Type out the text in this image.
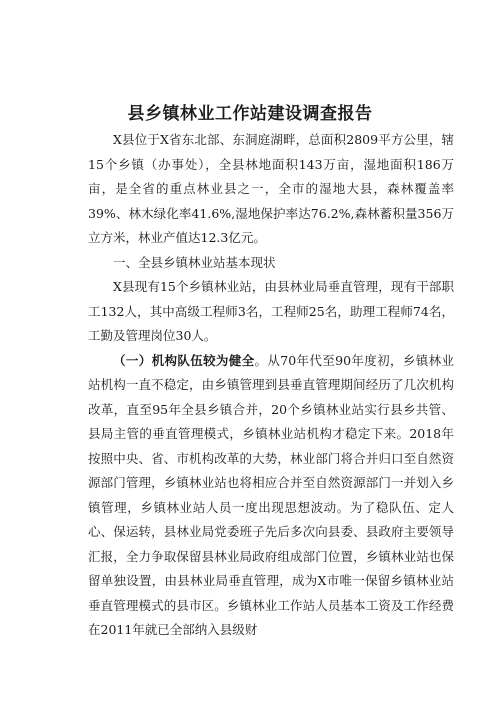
县乡镇林业工作站建设调查报告

X县位于X省东北部、东洞庭湖畔，总面积2809平方公里，辖15个乡镇（办事处），全县林地面积143万亩，湿地面积186万亩，是全省的重点林业县之一，全市的湿地大县，森林覆盖率39%、林木绿化率41.6%,湿地保护率达76.2%,森林蓄积量356万立方米，林业产值达12.3亿元。

一、全县乡镇林业站基本现状

X县现有15个乡镇林业站，由县林业局垂直管理，现有干部职工132人，其中高级工程师3名，工程师25名，助理工程师74名，工勤及管理岗位30人。

（一）机构队伍较为健全。从70年代至90年度初，乡镇林业站机构一直不稳定，由乡镇管理到县垂直管理期间经历了几次机构改革，直至95年全县乡镇合并，20个乡镇林业站实行县乡共管、县局主管的垂直管理模式，乡镇林业站机构才稳定下来。2018年按照中央、省、市机构改革的大势，林业部门将合并归口至自然资源部门管理，乡镇林业站也将相应合并至自然资源部门一并划入乡镇管理，乡镇林业站人员一度出现思想波动。为了稳队伍、定人心、保运转，县林业局党委班子先后多次向县委、县政府主要领导汇报，全力争取保留县林业局政府组成部门位置，乡镇林业站也保留单独设置，由县林业局垂直管理，成为X市唯一保留乡镇林业站垂直管理模式的县市区。乡镇林业工作站人员基本工资及工作经费在2011年就已全部纳入县级财
